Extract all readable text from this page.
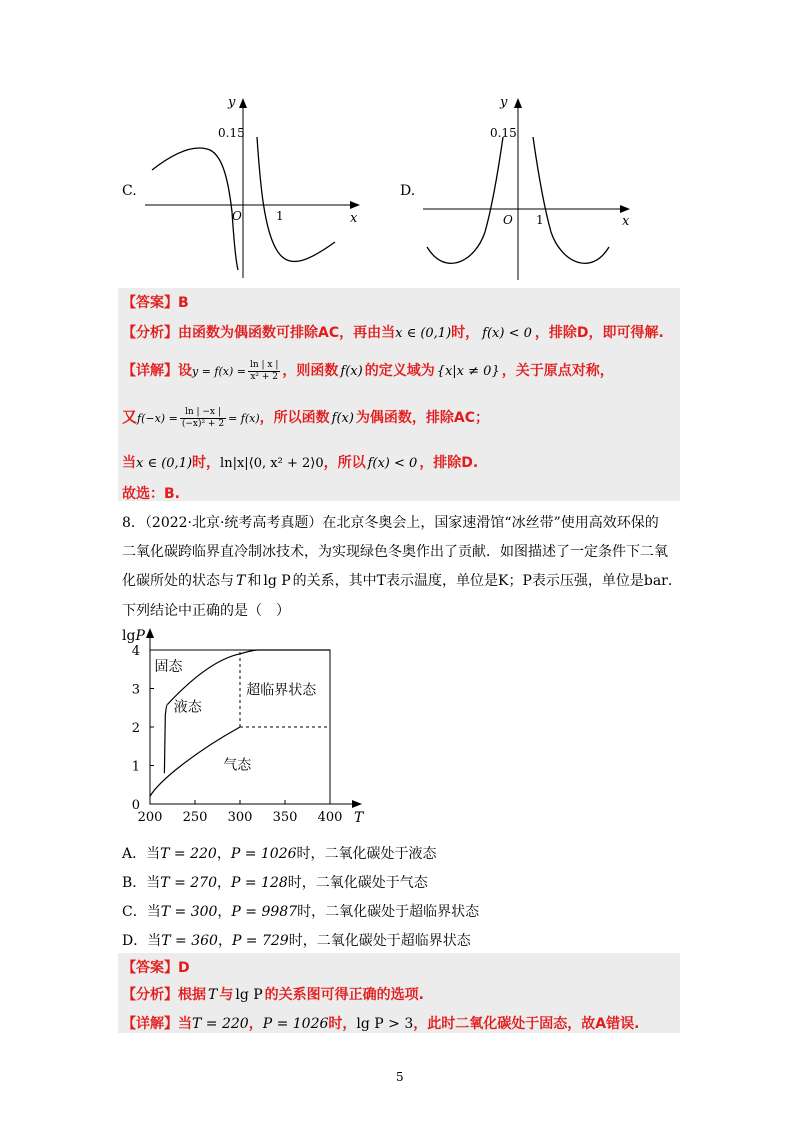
C.
y
x
O
0.15
1
D.
y
x
O
0.15
1
【答案】B
【分析】由函数为偶函数可排除AC，再由当x ∈ (0,1)时， f(x) < 0 ，排除D，即可得解.
【详解】设$y = f(x) = \frac{\ln | x |}{\text{x² + 2}}$ ，则函数 f(x) 的定义域为 {x|x ≠ 0} ，关于原点对称，
又$f(-x) = \frac{\ln | -x |}{\text{(−x)² + 2}} = f(x)$，所以函数 f(x) 为偶函数，排除AC；
当x ∈ (0,1)时，ln|x|⟨0, x² + 2⟩0，所以 f(x) < 0 ，排除D.
故选：B.
8．（2022·北京·统考高考真题）在北京冬奥会上，国家速滑馆“冰丝带”使用高效环保的
二氧化碳跨临界直冷制冰技术，为实现绿色冬奥作出了贡献．如图描述了一定条件下二氧
化碳所处的状态与 T 和 lg P 的关系，其中T表示温度，单位是K；P表示压强，单位是bar．
下列结论中正确的是（　）
200 250 300 350 400
0
1
2
3
4
lgP
T
固态
液态
超临界状态
气态
A．当T = 220，P = 1026时，二氧化碳处于液态
B．当T = 270，P = 128时，二氧化碳处于气态
C．当T = 300，P = 9987时，二氧化碳处于超临界状态
D．当T = 360，P = 729时，二氧化碳处于超临界状态
【答案】D
【分析】根据 T 与 lg P 的关系图可得正确的选项.
【详解】当T = 220，P = 1026时，lg P > 3，此时二氧化碳处于固态，故A错误.
5
